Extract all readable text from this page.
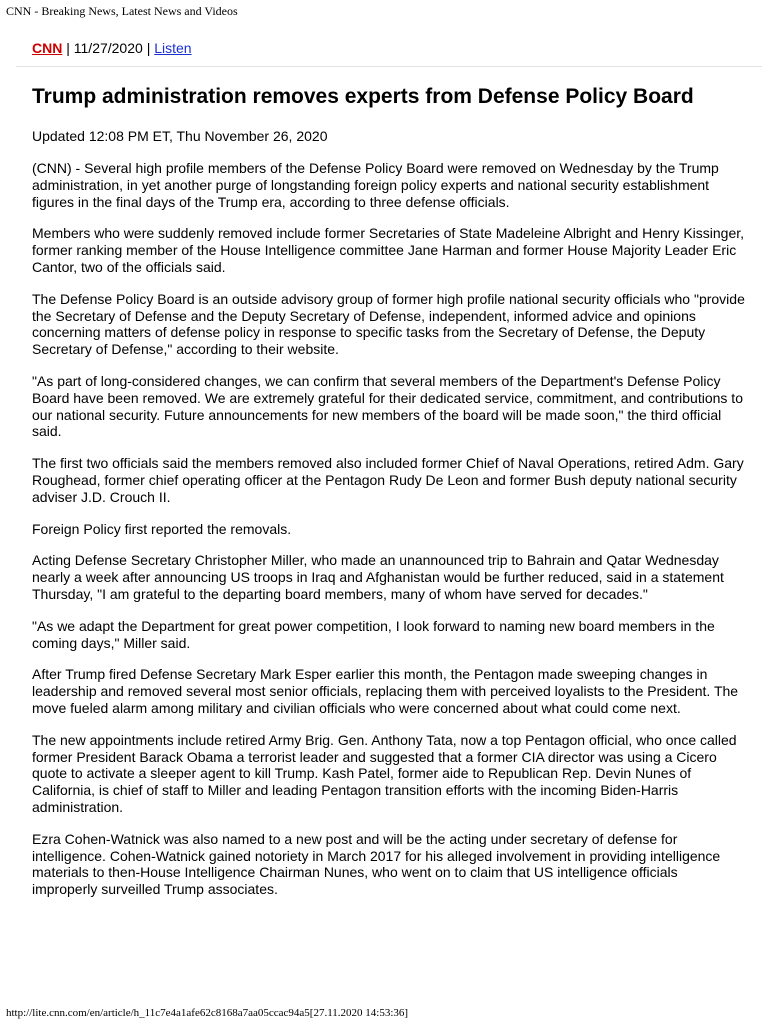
CNN - Breaking News, Latest News and Videos
CNN | 11/27/2020 | Listen
Trump administration removes experts from Defense Policy Board
Updated 12:08 PM ET, Thu November 26, 2020

(CNN) - Several high profile members of the Defense Policy Board were removed on Wednesday by the Trump administration, in yet another purge of longstanding foreign policy experts and national security establishment figures in the final days of the Trump era, according to three defense officials.

Members who were suddenly removed include former Secretaries of State Madeleine Albright and Henry Kissinger, former ranking member of the House Intelligence committee Jane Harman and former House Majority Leader Eric Cantor, two of the officials said.

The Defense Policy Board is an outside advisory group of former high profile national security officials who "provide the Secretary of Defense and the Deputy Secretary of Defense, independent, informed advice and opinions concerning matters of defense policy in response to specific tasks from the Secretary of Defense, the Deputy Secretary of Defense," according to their website.

"As part of long-considered changes, we can confirm that several members of the Department's Defense Policy Board have been removed. We are extremely grateful for their dedicated service, commitment, and contributions to our national security. Future announcements for new members of the board will be made soon," the third official said.

The first two officials said the members removed also included former Chief of Naval Operations, retired Adm. Gary Roughead, former chief operating officer at the Pentagon Rudy De Leon and former Bush deputy national security adviser J.D. Crouch II.

Foreign Policy first reported the removals.

Acting Defense Secretary Christopher Miller, who made an unannounced trip to Bahrain and Qatar Wednesday nearly a week after announcing US troops in Iraq and Afghanistan would be further reduced, said in a statement Thursday, "I am grateful to the departing board members, many of whom have served for decades."

"As we adapt the Department for great power competition, I look forward to naming new board members in the coming days," Miller said.

After Trump fired Defense Secretary Mark Esper earlier this month, the Pentagon made sweeping changes in leadership and removed several most senior officials, replacing them with perceived loyalists to the President. The move fueled alarm among military and civilian officials who were concerned about what could come next.

The new appointments include retired Army Brig. Gen. Anthony Tata, now a top Pentagon official, who once called former President Barack Obama a terrorist leader and suggested that a former CIA director was using a Cicero quote to activate a sleeper agent to kill Trump. Kash Patel, former aide to Republican Rep. Devin Nunes of California, is chief of staff to Miller and leading Pentagon transition efforts with the incoming Biden-Harris administration.

Ezra Cohen-Watnick was also named to a new post and will be the acting under secretary of defense for intelligence. Cohen-Watnick gained notoriety in March 2017 for his alleged involvement in providing intelligence materials to then-House Intelligence Chairman Nunes, who went on to claim that US intelligence officials improperly surveilled Trump associates.

http://lite.cnn.com/en/article/h_11c7e4a1afe62c8168a7aa05ccac94a5[27.11.2020 14:53:36]
